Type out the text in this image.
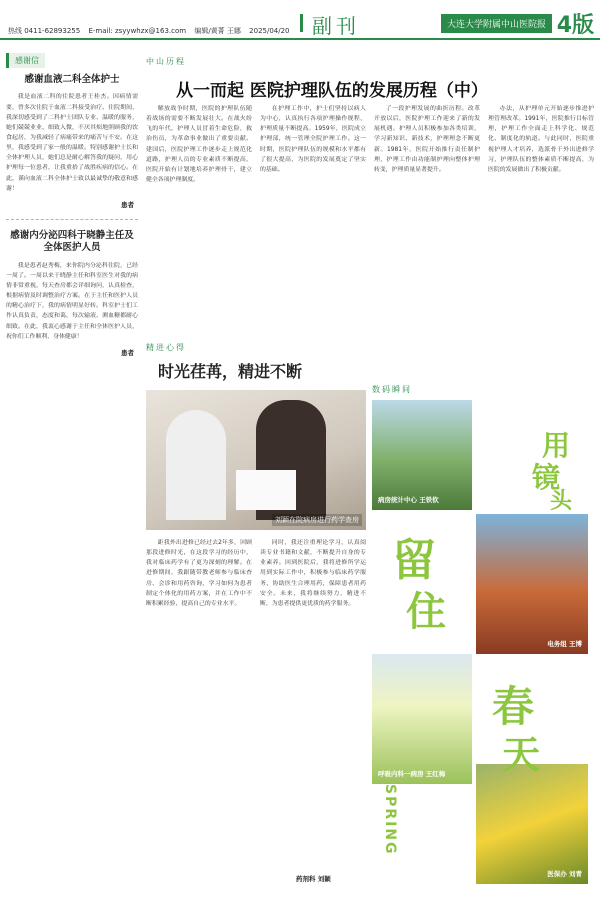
热线 0411-62893255 E-mail: zsyywhzx@163.com 编辑/黄菁 王娜 2025/04/20	副刊	大连大学附属中山医院报 4版
感谢信
感谢血液二科全体护士

我是血液二科的住院患者王桂杰。因病情需要，曾多次住院于血液二科接受治疗。住院期间，我深切感受到了二科护士团队专业、温暖的服务，她们兢兢业业、细致入微，不厌其烦地照顾我的饮食起居，为我减轻了病痛带来的痛苦与不安。在这里，我感受到了家一般的温暖。特别感谢护士长和全体护理人员，她们总是耐心解答我的疑问，用心护理每一位患者，让我重拾了战胜疾病的信心。在此，谨向血液二科全体护士致以最诚挚的敬意和感谢！

患者
感谢内分泌四科于晓静主任及全体医护人员

我是患者赵秀梅，来你院内分泌科住院，已经一周了。一周以来于晓静主任和科室医生对我的病情非常重视，每天查房都会详细询问，认真检查，根据病情及时调整治疗方案。在于主任和医护人员的精心治疗下，我的病情明显好转。科室护士们工作认真负责，态度和蔼，每次输液、测血糖都耐心细致。在此，我衷心感谢于主任和全体医护人员，祝你们工作顺利，身体健康！

患者
中山历程
从一而起 医院护理队伍的发展历程（中）

解放战争时期，医院的护理队伍随着战场的需要不断发展壮大。在战火纷飞的年代，护理人员冒着生命危险，救治伤员，为革命事业做出了重要贡献。建国后，医院护理工作逐步走上规范化道路，护理人员的专业素质不断提高，医院开始有计划地培养护理骨干，建立健全各项护理制度。

在护理工作中，护士们坚持以病人为中心，认真执行各项护理操作规程，护理质量不断提高。1959年，医院成立护理部，统一管理全院护理工作。这一时期，医院护理队伍的规模和水平都有了很大提高，为医院的发展奠定了坚实的基础。

了一段护理发展的曲折历程。改革开放以后，医院护理工作迎来了新的发展机遇。护理人员积极参加各类培训，学习新知识、新技术，护理理念不断更新。1981年，医院开始推行责任制护理，护理工作由功能制护理向整体护理转变，护理质量显著提升。

办法，从护理单元开始逐步推进护理管理改革。1991年，医院推行目标管理，护理工作全面走上科学化、规范化、制度化的轨道。与此同时，医院重视护理人才培养，选派骨干外出进修学习，护理队伍的整体素质不断提高，为医院的发展做出了积极贡献。

精进心得
时光荏苒，精进不断
刘颖在院病房进行药学查房

距我外出进修已经过去2年多，回顾那段进修时光，在这段学习的经历中，我对临床药学有了更为深刻的理解。在进修期间，我跟随带教老师参与临床查房、会诊和用药咨询，学习如何为患者制定个体化的用药方案，并在工作中不断积累经验，提高自己的专业水平。

同时，我还注重理论学习，认真阅读专业书籍和文献，不断提升自身的专业素养。回到医院后，我将进修所学运用到实际工作中，积极参与临床药学服务，协助医生合理用药，保障患者用药安全。未来，我将继续努力，精进不断，为患者提供更优质的药学服务。

药剂科 刘颖
数码瞬间
病房统计中心 王铁钦
电务组 王博
呼吸内科一病房 王红梅
医保办 刘青
用
镜
头
留
住
春
天
SPRING
